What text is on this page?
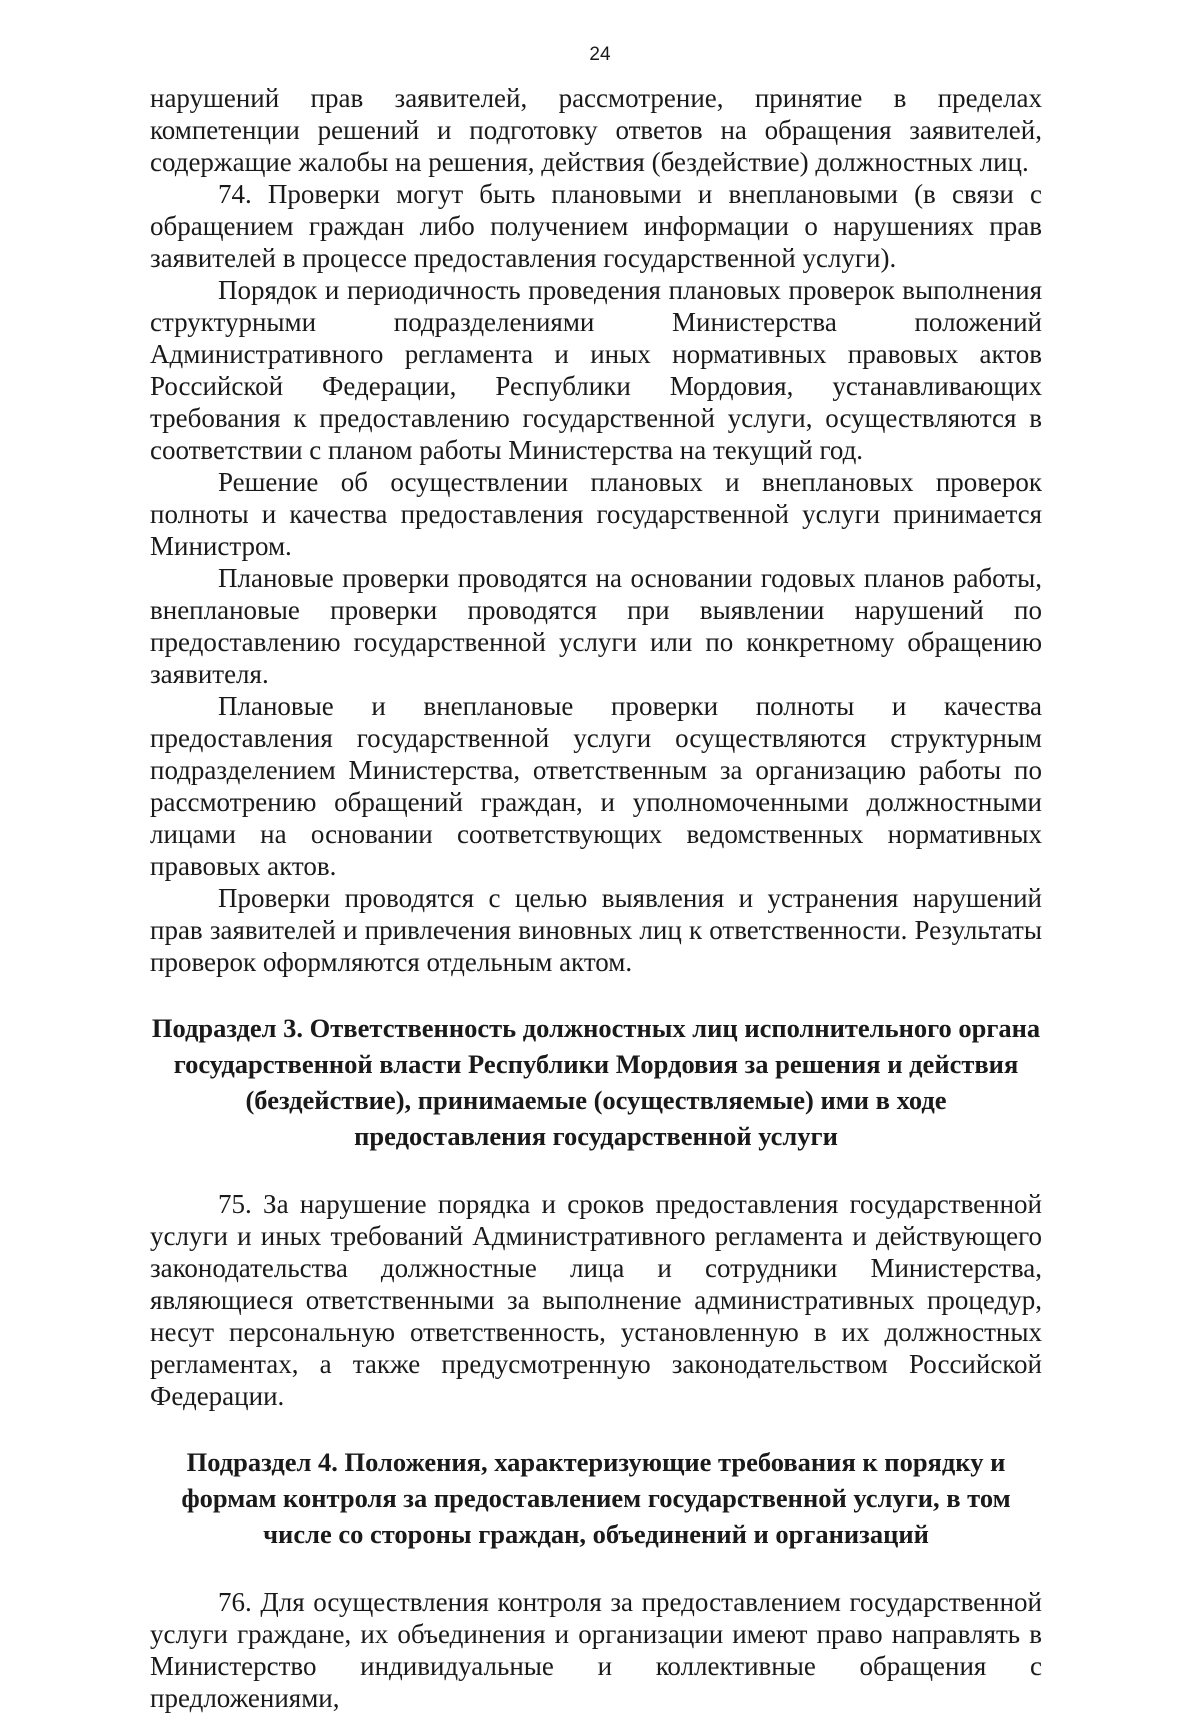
24

нарушений прав заявителей, рассмотрение, принятие в пределах компетенции решений и подготовку ответов на обращения заявителей, содержащие жалобы на решения, действия (бездействие) должностных лиц.

74. Проверки могут быть плановыми и внеплановыми (в связи с обращением граждан либо получением информации о нарушениях прав заявителей в процессе предоставления государственной услуги).

Порядок и периодичность проведения плановых проверок выполнения структурными подразделениями Министерства положений Административного регламента и иных нормативных правовых актов Российской Федерации, Республики Мордовия, устанавливающих требования к предоставлению государственной услуги, осуществляются в соответствии с планом работы Министерства на текущий год.

Решение об осуществлении плановых и внеплановых проверок полноты и качества предоставления государственной услуги принимается Министром.

Плановые проверки проводятся на основании годовых планов работы, внеплановые проверки проводятся при выявлении нарушений по предоставлению государственной услуги или по конкретному обращению заявителя.

Плановые и внеплановые проверки полноты и качества предоставления государственной услуги осуществляются структурным подразделением Министерства, ответственным за организацию работы по рассмотрению обращений граждан, и уполномоченными должностными лицами на основании соответствующих ведомственных нормативных правовых актов.

Проверки проводятся с целью выявления и устранения нарушений прав заявителей и привлечения виновных лиц к ответственности. Результаты проверок оформляются отдельным актом.

Подраздел 3. Ответственность должностных лиц исполнительного органа государственной власти Республики Мордовия за решения и действия (бездействие), принимаемые (осуществляемые) ими в ходе предоставления государственной услуги

75. За нарушение порядка и сроков предоставления государственной услуги и иных требований Административного регламента и действующего законодательства должностные лица и сотрудники Министерства, являющиеся ответственными за выполнение административных процедур, несут персональную ответственность, установленную в их должностных регламентах, а также предусмотренную законодательством Российской Федерации.

Подраздел 4. Положения, характеризующие требования к порядку и формам контроля за предоставлением государственной услуги, в том числе со стороны граждан, объединений и организаций

76. Для осуществления контроля за предоставлением государственной услуги граждане, их объединения и организации имеют право направлять в Министерство индивидуальные и коллективные обращения с предложениями,
